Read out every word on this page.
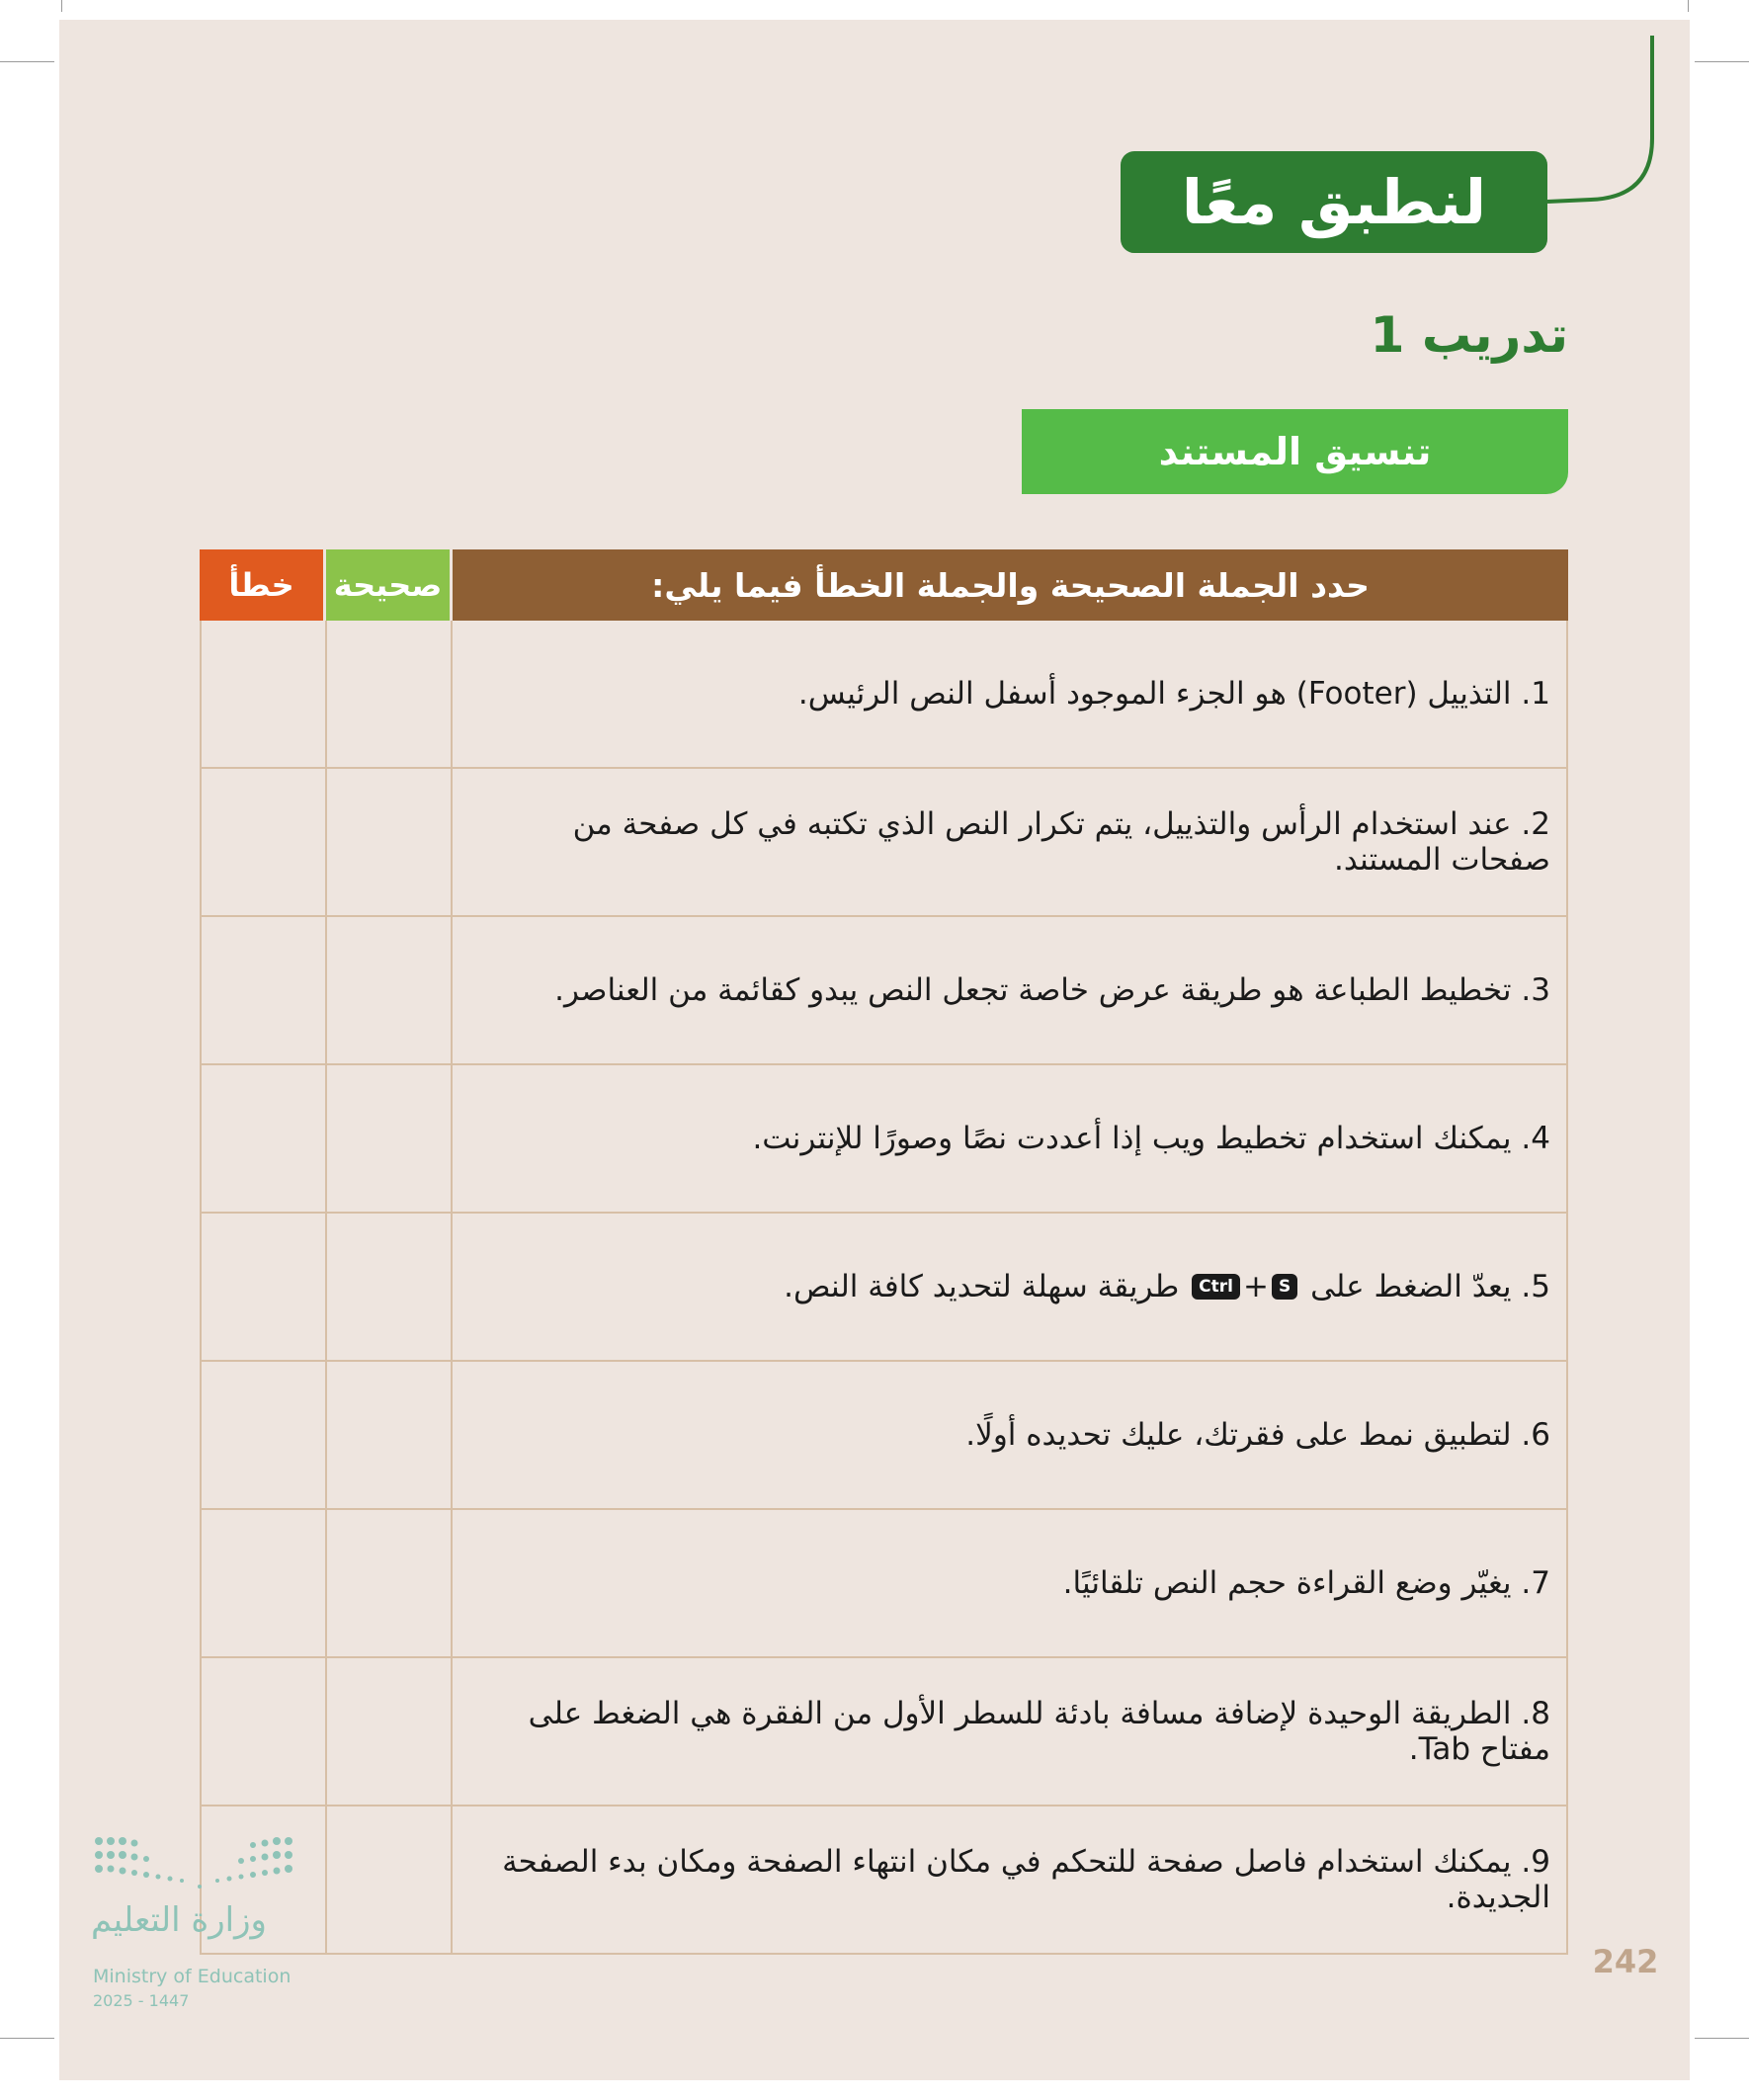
لنطبق معًا
تدريب 1
تنسيق المستند
خطأ	صحيحة	حدد الجملة الصحيحة والجملة الخطأ فيما يلي:
1. التذييل (Footer) هو الجزء الموجود أسفل النص الرئيس.
2. عند استخدام الرأس والتذييل، يتم تكرار النص الذي تكتبه في كل صفحة من صفحات المستند.
3. تخطيط الطباعة هو طريقة عرض خاصة تجعل النص يبدو كقائمة من العناصر.
4. يمكنك استخدام تخطيط ويب إذا أعددت نصًا وصورًا للإنترنت.
5. يعدّ الضغط على

S
+
Ctrl

طريقة سهلة لتحديد كافة النص.
6. لتطبيق نمط على فقرتك، عليك تحديده أولًا.
7. يغيّر وضع القراءة حجم النص تلقائيًا.
8. الطريقة الوحيدة لإضافة مسافة بادئة للسطر الأول من الفقرة هي الضغط على مفتاح Tab.
9. يمكنك استخدام فاصل صفحة للتحكم في مكان انتهاء الصفحة ومكان بدء الصفحة الجديدة.
وزارة التعليم
Ministry of Education
2025 - 1447
242
